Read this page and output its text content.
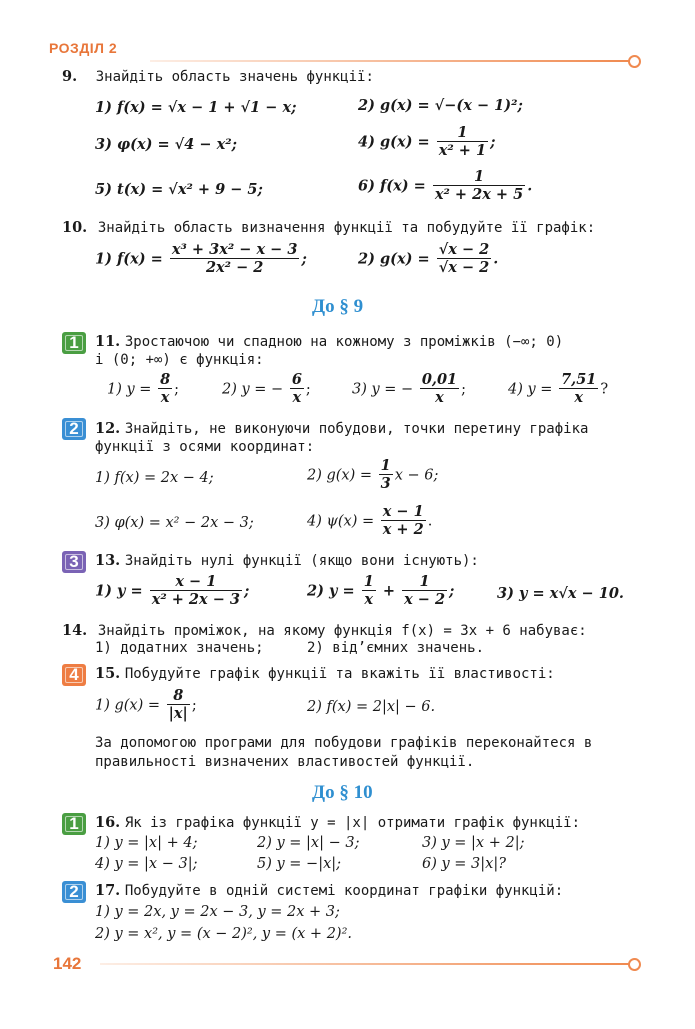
РОЗДІЛ 2
9. Знайдіть область значень функції:
1) f(x) = √x − 1 + √1 − x;	2) g(x) = √−(x − 1)²;
3) φ(x) = √4 − x²;	4) $g(x) = \frac{1}{\text{x² + 1}}$ ;
5) t(x) = √x² + 9 − 5;	6) $f(x) = \frac{1}{\text{x² + 2x + 5}}$ .
10. Знайдіть область визначення функції та побудуйте її графік:
1) $f(x) = \frac{\text{x³ + 3x² − x − 3}}{\text{2x² − 2}}$ ;	2) $g(x) = \frac{√x - 2}{√x - 2}$ .
До § 9
1	11. Зростаючою чи спадною на кожному з проміжків (−∞; 0)
і (0; +∞) є функція:
1) $y = \frac{8}{x}$ ;	2) y = − $\frac{6}{x}$ ;	3) y = − $\frac{0,01}{x}$ ;	4) $y = \frac{7,51}{x}$ ?
2	12. Знайдіть, не виконуючи побудови, точки перетину графіка
функції з осями координат:
1) f(x) = 2x − 4;	2) $g(x) = \frac{1}{3}$ x − 6;
3) φ(x) = x² − 2x − 3;	4) $\psi(x) = \frac{x - 1}{x + 2}$ .
3	13. Знайдіть нулі функції (якщо вони існують):
1) $y = \frac{x - 1}{\text{x² + 2x − 3}}$ ;	2) $y = \frac{1}{x} + \frac{1}{x - 2}$ ;	3) y = x√x − 10.
14. Знайдіть проміжок, на якому функція f(x) = 3x + 6 набуває:
1) додатних значень;	2) від’ємних значень.
4	15. Побудуйте графік функції та вкажіть її властивості:
1) $g(x) = \frac{8}{|x|}$ ;	2) f(x) = 2|x| − 6.
За допомогою програми для побудови графіків переконайтеся в
правильності визначених властивостей функції.
До § 10
1	16. Як із графіка функції y = |x| отримати графік функції:
1) y = |x| + 4;	2) y = |x| − 3;	3) y = |x + 2|;
4) y = |x − 3|;	5) y = −|x|;	6) y = 3|x|?
2	17. Побудуйте в одній системі координат графіки функцій:
1) y = 2x, y = 2x − 3, y = 2x + 3;
2) y = x², y = (x − 2)², y = (x + 2)².
142
